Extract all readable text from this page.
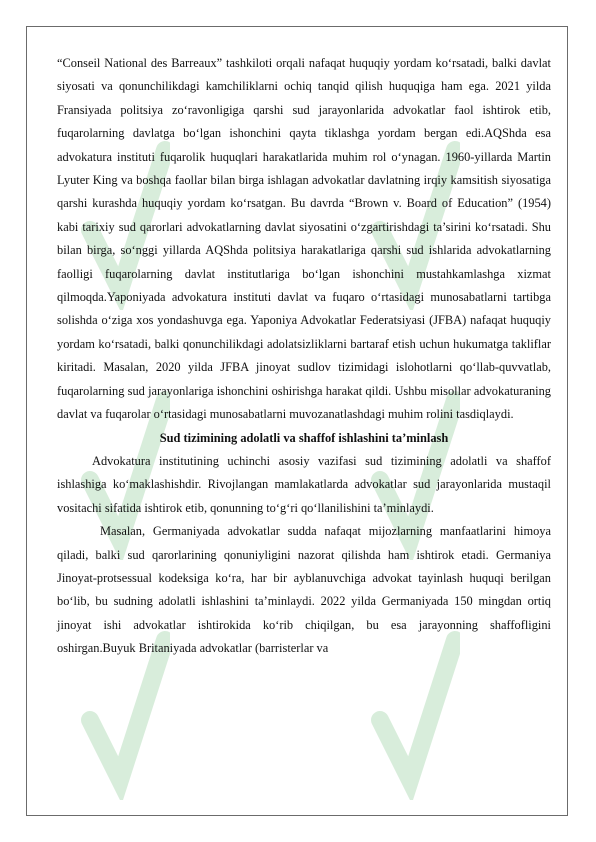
“Conseil National des Barreaux” tashkiloti orqali nafaqat huquqiy yordam ko‘rsatadi, balki davlat siyosati va qonunchilikdagi kamchiliklarni ochiq tanqid qilish huquqiga ham ega. 2021 yilda Fransiyada politsiya zo‘ravonligiga qarshi sud jarayonlarida advokatlar faol ishtirok etib, fuqarolarning davlatga bo‘lgan ishonchini qayta tiklashga yordam bergan edi.AQShda esa advokatura instituti fuqarolik huquqlari harakatlarida muhim rol o‘ynagan. 1960-yillarda Martin Lyuter King va boshqa faollar bilan birga ishlagan advokatlar davlatning irqiy kamsitish siyosatiga qarshi kurashda huquqiy yordam ko‘rsatgan. Bu davrda “Brown v. Board of Education” (1954) kabi tarixiy sud qarorlari advokatlarning davlat siyosatini o‘zgartirishdagi ta’sirini ko‘rsatadi. Shu bilan birga, so‘nggi yillarda AQShda politsiya harakatlariga qarshi sud ishlarida advokatlarning faolligi fuqarolarning davlat institutlariga bo‘lgan ishonchini mustahkamlashga xizmat qilmoqda.Yaponiyada advokatura instituti davlat va fuqaro o‘rtasidagi munosabatlarni tartibga solishda o‘ziga xos yondashuvga ega. Yaponiya Advokatlar Federatsiyasi (JFBA) nafaqat huquqiy yordam ko‘rsatadi, balki qonunchilikdagi adolatsizliklarni bartaraf etish uchun hukumatga takliflar kiritadi. Masalan, 2020 yilda JFBA jinoyat sudlov tizimidagi islohotlarni qo‘llab-quvvatlab, fuqarolarning sud jarayonlariga ishonchini oshirishga harakat qildi. Ushbu misollar advokaturaning davlat va fuqarolar o‘rtasidagi munosabatlarni muvozanatlashdagi muhim rolini tasdiqlaydi.

Sud tizimining adolatli va shaffof ishlashini ta’minlash

Advokatura institutining uchinchi asosiy vazifasi sud tizimining adolatli va shaffof ishlashiga ko‘maklashishdir. Rivojlangan mamlakatlarda advokatlar sud jarayonlarida mustaqil vositachi sifatida ishtirok etib, qonunning to‘g‘ri qo‘llanilishini ta’minlaydi.

Masalan, Germaniyada advokatlar sudda nafaqat mijozlarning manfaatlarini himoya qiladi, balki sud qarorlarining qonuniyligini nazorat qilishda ham ishtirok etadi. Germaniya Jinoyat-protsessual kodeksiga ko‘ra, har bir ayblanuvchiga advokat tayinlash huquqi berilgan bo‘lib, bu sudning adolatli ishlashini ta’minlaydi. 2022 yilda Germaniyada 150 mingdan ortiq jinoyat ishi advokatlar ishtirokida ko‘rib chiqilgan, bu esa jarayonning shaffofligini oshirgan.Buyuk Britaniyada advokatlar (barristerlar va
